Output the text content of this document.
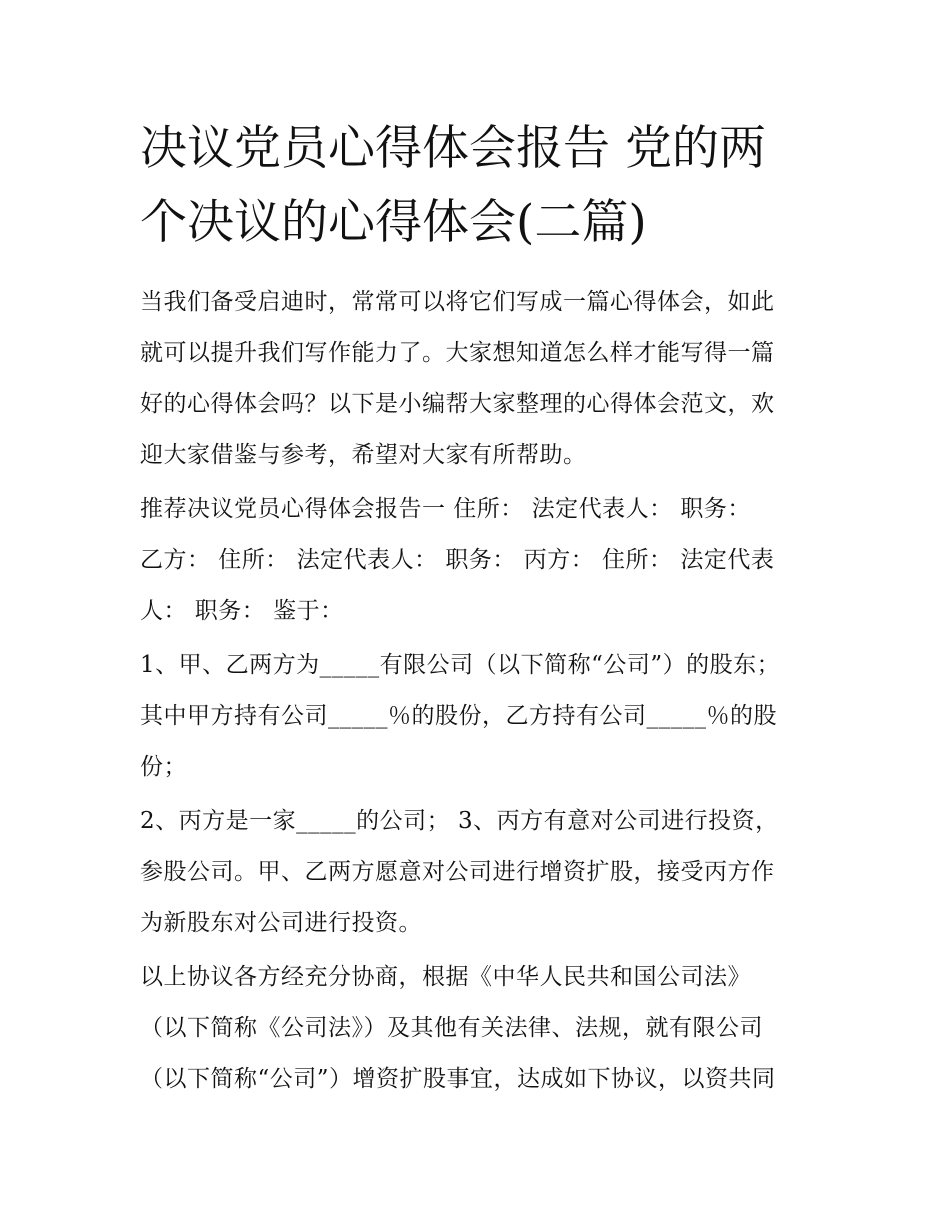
决议党员心得体会报告 党的两
个决议的心得体会(二篇)
当我们备受启迪时，常常可以将它们写成一篇心得体会，如此
就可以提升我们写作能力了。大家想知道怎么样才能写得一篇
好的心得体会吗？以下是小编帮大家整理的心得体会范文，欢
迎大家借鉴与参考，希望对大家有所帮助。
推荐决议党员心得体会报告一 住所： 法定代表人： 职务：
乙方： 住所： 法定代表人： 职务： 丙方： 住所： 法定代表
人： 职务： 鉴于：
1、甲、乙两方为_____有限公司（以下简称“公司”）的股东；
其中甲方持有公司_____％的股份，乙方持有公司_____％的股
份；
2、丙方是一家_____的公司； 3、丙方有意对公司进行投资，
参股公司。甲、乙两方愿意对公司进行增资扩股，接受丙方作
为新股东对公司进行投资。
以上协议各方经充分协商，根据《中华人民共和国公司法》
（以下简称《公司法》）及其他有关法律、法规，就有限公司
（以下简称“公司”）增资扩股事宜，达成如下协议，以资共同
